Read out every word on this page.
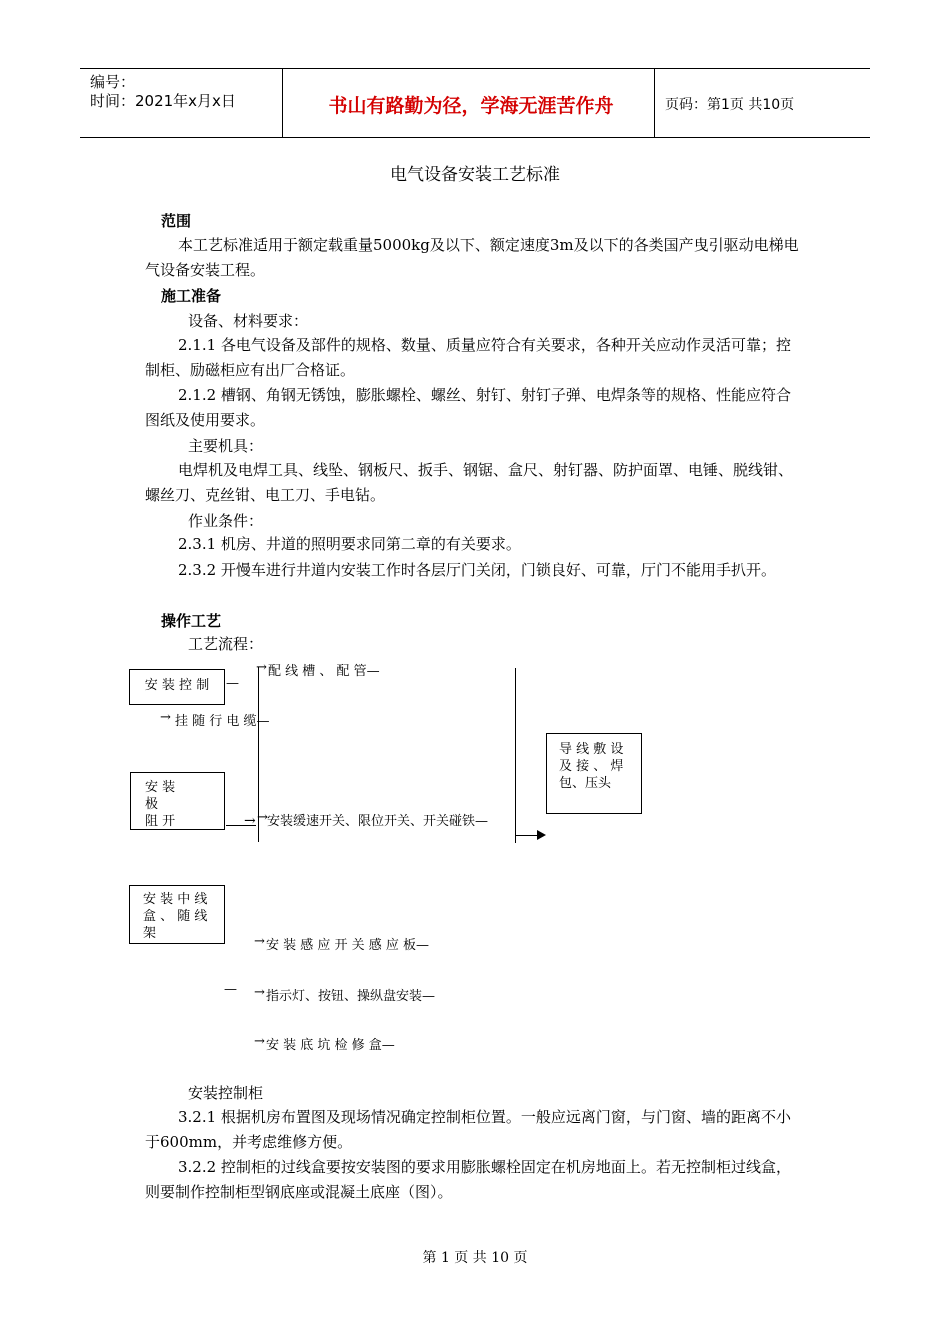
编号：
时间：2021年x月x日	书山有路勤为径，学海无涯苦作舟	页码：第1页 共10页
电气设备安装工艺标准
范围
本工艺标准适用于额定载重量5000kg及以下、额定速度3m及以下的各类国产曳引驱动电梯电气设备安装工程。
施工准备
设备、材料要求：
2.1.1 各电气设备及部件的规格、数量、质量应符合有关要求，各种开关应动作灵活可靠；控制柜、励磁柜应有出厂合格证。
2.1.2 槽钢、角钢无锈蚀，膨胀螺栓、螺丝、射钉、射钉子弹、电焊条等的规格、性能应符合图纸及使用要求。
主要机具：
电焊机及电焊工具、线坠、钢板尺、扳手、钢锯、盒尺、射钉器、防护面罩、电锤、脱线钳、螺丝刀、克丝钳、电工刀、手电钻。
作业条件：
2.3.1 机房、井道的照明要求同第二章的有关要求。
2.3.2 开慢车进行井道内安装工作时各层厅门关闭，门锁良好、可靠，厅门不能用手扒开。
操作工艺
工艺流程：
安 装 控 制	—
→ 配 线 槽 、 配 管—
→ 挂 随 行 电 缆—
安 装
极
阻 开	→ → 安装缓速开关、限位开关、开关碰铁—
导 线 敷 设
及 接 、 焊
包、压头
安 装 中 线
盒 、 随 线
架
→ 安 装 感 应 开 关 感 应 板—
— → 指示灯、按钮、操纵盘安装—
→ 安 装 底 坑 检 修 盒—
安装控制柜
3.2.1 根据机房布置图及现场情况确定控制柜位置。一般应远离门窗，与门窗、墙的距离不小于600mm，并考虑维修方便。
3.2.2 控制柜的过线盒要按安装图的要求用膨胀螺栓固定在机房地面上。若无控制柜过线盒，则要制作控制柜型钢底座或混凝土底座（图）。
第 1 页 共 10 页
